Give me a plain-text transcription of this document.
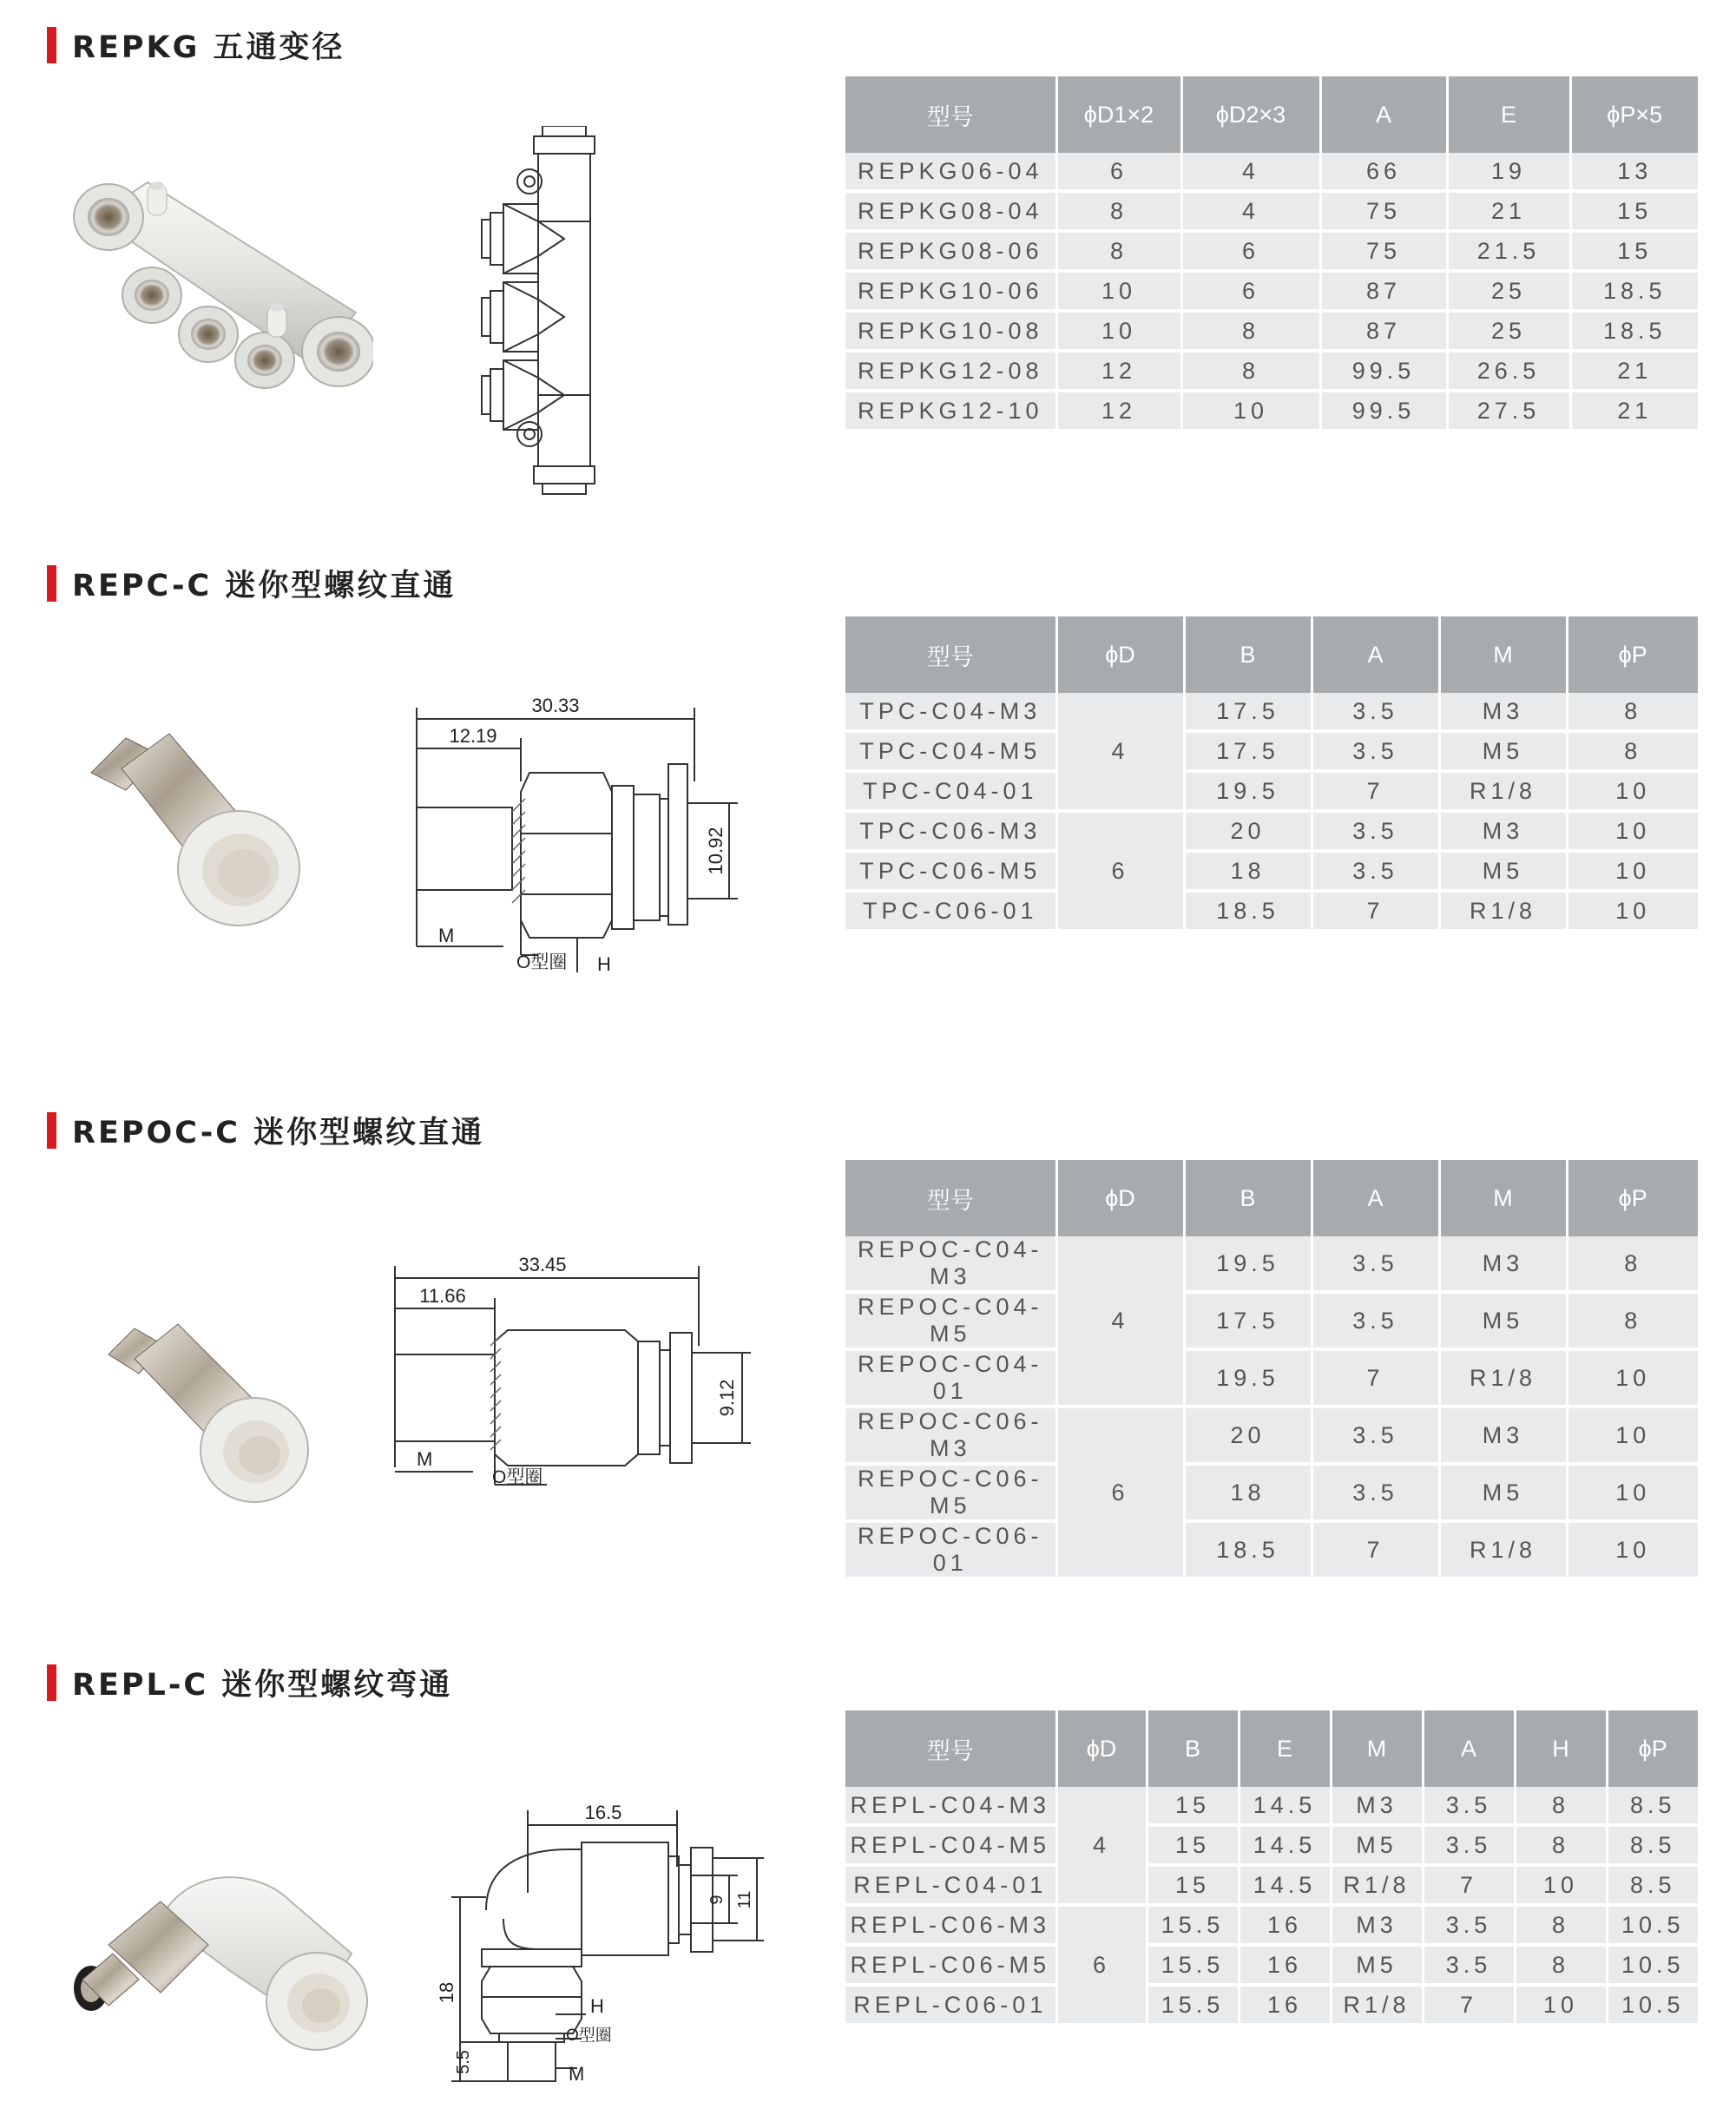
REPKG 五通变径
型号	ϕD1×2	ϕD2×3	A	E	ϕP×5
REPKG06-04	6	4	66	19	13
REPKG08-04	8	4	75	21	15
REPKG08-06	8	6	75	21.5	15
REPKG10-06	10	6	87	25	18.5
REPKG10-08	10	8	87	25	18.5
REPKG12-08	12	8	99.5	26.5	21
REPKG12-10	12	10	99.5	27.5	21
REPC-C 迷你型螺纹直通
30.33
12.19
10.92
M
O型圈 H
型号	ϕD	B	A	M	ϕP
TPC-C04-M3	4	17.5	3.5	M3	8
TPC-C04-M5		17.5	3.5	M5	8
TPC-C04-01		19.5	7	R1/8	10
TPC-C06-M3	6	20	3.5	M3	10
TPC-C06-M5		18	3.5	M5	10
TPC-C06-01		18.5	7	R1/8	10
REPOC-C 迷你型螺纹直通
33.45
11.66
9.12
M
O型圈
型号	ϕD	B	A	M	ϕP
REPOC-C04-M3	4	19.5	3.5	M3	8
REPOC-C04-M5		17.5	3.5	M5	8
REPOC-C04-01		19.5	7	R1/8	10
REPOC-C06-M3	6	20	3.5	M3	10
REPOC-C06-M5		18	3.5	M5	10
REPOC-C06-01		18.5	7	R1/8	10
REPL-C 迷你型螺纹弯通
16.5
9 11
18
5.5
H
O型圈
M
型号	ϕD	B	E	M	A	H	ϕP
REPL-C04-M3	4	15	14.5	M3	3.5	8	8.5
REPL-C04-M5		15	14.5	M5	3.5	8	8.5
REPL-C04-01		15	14.5	R1/8	7	10	8.5
REPL-C06-M3	6	15.5	16	M3	3.5	8	10.5
REPL-C06-M5		15.5	16	M5	3.5	8	10.5
REPL-C06-01		15.5	16	R1/8	7	10	10.5
